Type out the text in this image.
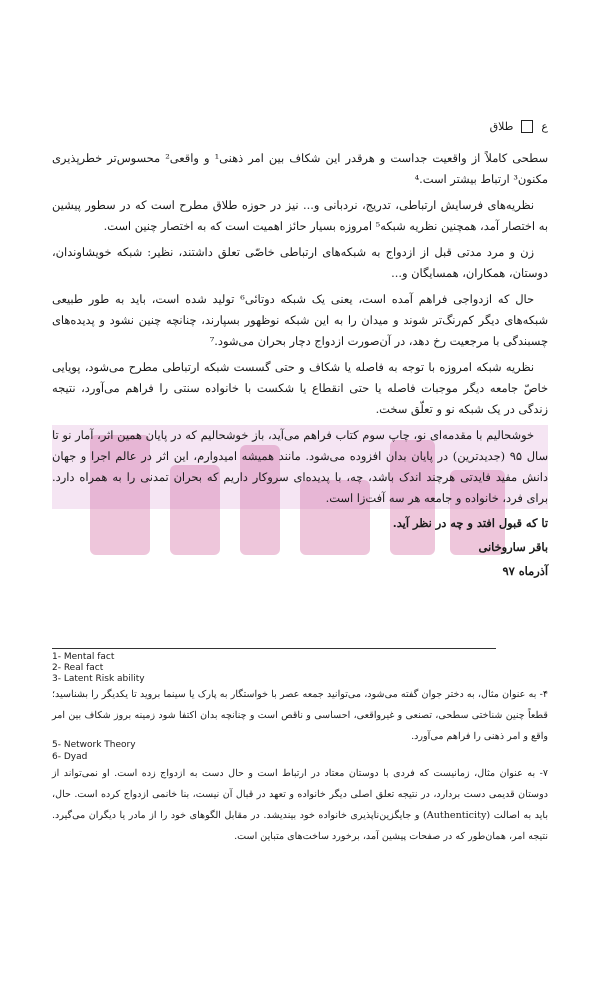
ع
طلاق

سطحی کاملاً از واقعیت جداست و هرقدر این شکاف بین امر ذهنی¹ و واقعی² محسوس‌تر خطرپذیری مکنون³ ارتباط بیشتر است.⁴

نظریه‌های فرسایش ارتباطی، تدریج، نردبانی و... نیز در حوزه طلاق مطرح است که در سطور پیشین به اختصار آمد، همچنین نظریه شبکه⁵ امروزه بسیار حائز اهمیت است که به اختصار چنین است.

زن و مرد مدتی قبل از ازدواج به شبکه‌های ارتباطی خاصّی تعلق داشتند، نظیر: شبکه خویشاوندان، دوستان، همکاران، همسایگان و...

حال که ازدواجی فراهم آمده است، یعنی یک شبکه دوتائی⁶ تولید شده است، باید به طور طبیعی شبکه‌های دیگر کم‌رنگ‌تر شوند و میدان را به این شبکه نوظهور بسپارند، چنانچه چنین نشود و پدیده‌های چسبندگی با مرجعیت رخ دهد، در آن‌صورت ازدواج دچار بحران می‌شود.⁷

نظریه شبکه امروزه با توجه به فاصله یا شکاف و حتی گسست شبکه ارتباطی مطرح می‌شود، پویایی خاصّ جامعه دیگر موجبات فاصله یا حتی انقطاع یا شکست با خانواده سنتی را فراهم می‌آورد، نتیجه زندگی در یک شبکه نو و تعلّق سخت.

خوشحالیم با مقدمه‌ای نو، چاپ سوم کتاب فراهم می‌آید، باز خوشحالیم که در پایان همین اثر، آمار نو تا سال ۹۵ (جدیدترین) در پایان بدان افزوده می‌شود. مانند همیشه امیدوارم، این اثر در عالم اجرا و جهان دانش مفید فایدتی هرچند اندک باشد، چه، با پدیده‌ای سروکار داریم که بحران تمدنی را به همراه دارد. برای فرد، خانواده و جامعه هر سه آفت‌زا است.

تا که قبول افتد و چه در نظر آید.
باقر ساروخانی
آذرماه ۹۷
1- Mental fact
2- Real fact
3- Latent Risk ability
۴- به عنوان مثال، به دختر جوان گفته می‌شود، می‌توانید جمعه عصر با خواستگار به پارک یا سینما بروید تا یکدیگر را بشناسید؛ قطعاً چنین شناختی سطحی، تصنعی و غیرواقعی، احساسی و ناقص است و چنانچه بدان اکتفا شود زمینه بروز شکاف بین امر واقع و امر ذهنی را فراهم می‌آورد.
5- Network Theory
6- Dyad
۷- به عنوان مثال، زمانیست که فردی با دوستان معتاد در ارتباط است و حال دست به ازدواج زده است. او نمی‌تواند از دوستان قدیمی دست بردارد، در نتیجه تعلق اصلی دیگر خانواده و تعهد در قبال آن نیست، بنا خانمی ازدواج کرده است. حال، باید به اصالت (Authenticity) و جایگزین‌ناپذیری خانواده خود بیندیشد. در مقابل الگوهای خود را از مادر یا دیگران می‌گیرد. نتیجه امر، همان‌طور که در صفحات پیشین آمد، برخورد ساخت‌های متباین است.
